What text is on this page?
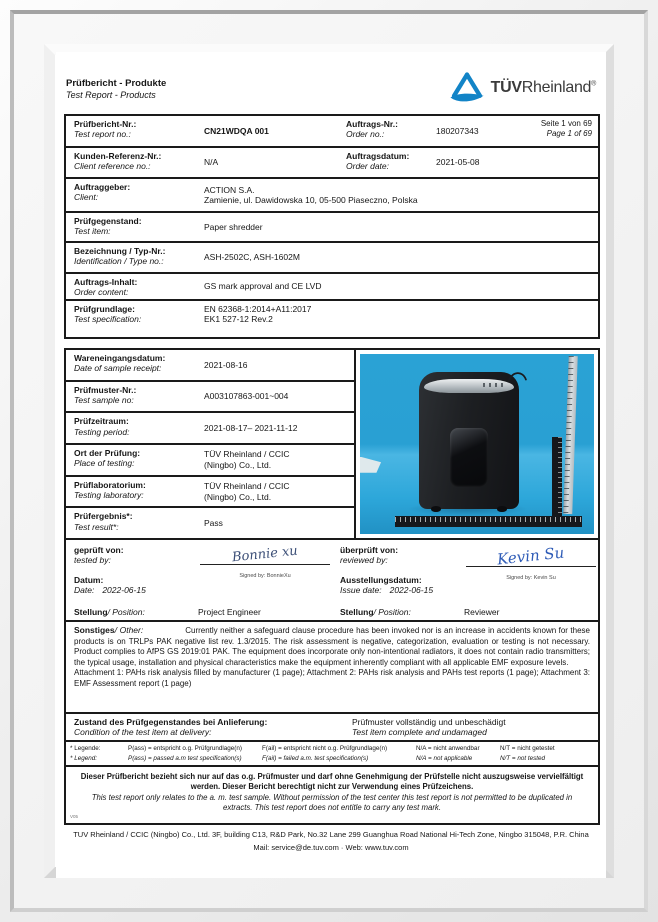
Prüfbericht - Produkte
Test Report - Products	TÜVRheinland®
Prüfbericht-Nr.:
Test report no.:	CN21WDQA 001
Auftrags-Nr.:
Order no.:	180207343
Seite 1 von 69
Page 1 of 69
Kunden-Referenz-Nr.:
Client reference no.:	N/A
Auftragsdatum:
Order date:	2021-05-08
Auftraggeber:
Client:
ACTION S.A.
Zamienie, ul. Dawidowska 10, 05-500 Piaseczno, Polska
Prüfgegenstand:
Test item:	Paper shredder
Bezeichnung / Typ-Nr.:
Identification / Type no.:	ASH-2502C, ASH-1602M
Auftrags-Inhalt:
Order content:
GS mark approval and CE LVD
Prüfgrundlage:
Test specification:
EN 62368-1:2014+A11:2017
EK1 527-12 Rev.2
Wareneingangsdatum:
Date of sample receipt:	2021-08-16
Prüfmuster-Nr.:
Test sample no:	A003107863-001~004
Prüfzeitraum:
Testing period:	2021-08-17– 2021-11-12
Ort der Prüfung:
Place of testing:
TÜV Rheinland / CCIC (Ningbo) Co., Ltd.
Prüflaboratorium:
Testing laboratory:
TÜV Rheinland / CCIC (Ningbo) Co., Ltd.
Prüfergebnis*:
Test result*:	Pass
geprüft von:
tested by:
Datum:
Date: 2022-06-15
Bonnie xu
Signed by: BonnieXu
Stellung/ Position:	Project Engineer
überprüft von:
reviewed by:
Ausstellungsdatum:
Issue date: 2022-06-15
Kevin Su
Signed by: Kevin Su
Stellung/ Position:	Reviewer
Sonstiges/ Other:	Currently neither a safeguard clause procedure has been invoked nor is an increase in accidents known for these products is on TRLPs PAK negative list rev. 1.3/2015. The risk assessment is negative, categorization, evaluation or testing is not necessary. Product complies to AfPS GS 2019:01 PAK. The equipment does incorporate only non-intentional radiators, it does not contain radio transmitters; the typical usage, installation and physical characteristics make the equipment inherently compliant with all applicable EMF exposure levels.
Attachment 1: PAHs risk analysis filled by manufacturer (1 page); Attachment 2: PAHs risk analysis and PAHs test reports (1 page); Attachment 3: EMF Assessment report (1 page)
Zustand des Prüfgegenstandes bei Anlieferung:
Condition of the test item at delivery:
Prüfmuster vollständig und unbeschädigt
Test item complete and undamaged
* Legende:	P(ass) = entspricht o.g. Prüfgrundlage(n)	F(ail) = entspricht nicht o.g. Prüfgrundlage(n)	N/A = nicht anwendbar	N/T = nicht getestet
* Legend:	P(ass) = passed a.m test specification(s)	F(ail) = failed a.m. test specification(s)	N/A = not applicable	N/T = not tested
Dieser Prüfbericht bezieht sich nur auf das o.g. Prüfmuster und darf ohne Genehmigung der Prüfstelle nicht auszugsweise vervielfältigt werden. Dieser Bericht berechtigt nicht zur Verwendung eines Prüfzeichens.
This test report only relates to the a. m. test sample. Without permission of the test center this test report is not permitted to be duplicated in extracts. This test report does not entitle to carry any test mark.
V05
TUV Rheinland / CCIC (Ningbo) Co., Ltd. 3F, building C13, R&D Park, No.32 Lane 299 Guanghua Road National Hi-Tech Zone, Ningbo 315048, P.R. China
Mail: service@de.tuv.com · Web: www.tuv.com
